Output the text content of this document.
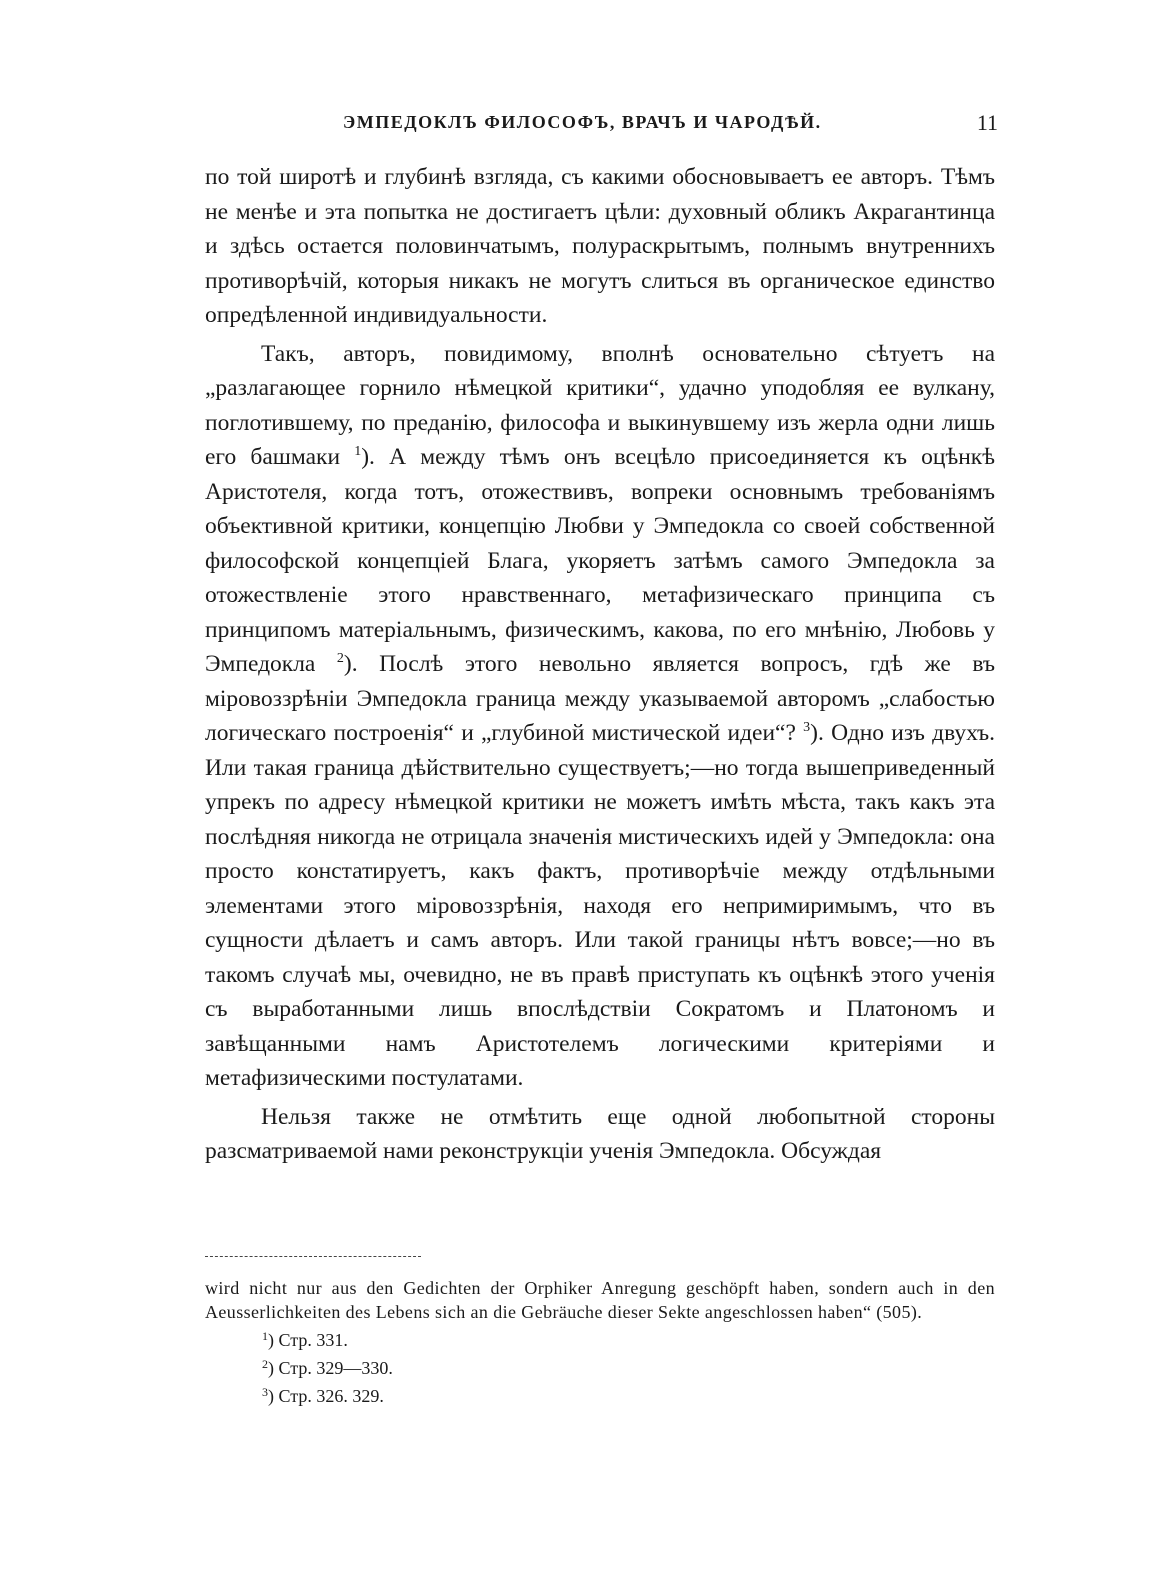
ЭМПЕДОКЛЪ ФИЛОСОФЪ, ВРАЧЪ И ЧАРОДѢЙ.	11

по той широтѣ и глубинѣ взгляда, съ какими обосновываетъ ее авторъ. Тѣмъ не менѣе и эта попытка не достигаетъ цѣли: духовный обликъ Акрагантинца и здѣсь остается половинчатымъ, полураскрытымъ, полнымъ внутреннихъ противорѣчій, которыя никакъ не могутъ слиться въ органическое единство опредѣленной индивидуальности.

Такъ, авторъ, повидимому, вполнѣ основательно сѣтуетъ на „разлагающее горнило нѣмецкой критики“, удачно уподобляя ее вулкану, поглотившему, по преданію, философа и выкинувшему изъ жерла одни лишь его башмаки $^1$). А между тѣмъ онъ всецѣло присоединяется къ оцѣнкѣ Аристотеля, когда тотъ, отожествивъ, вопреки основнымъ требованіямъ объективной критики, концепцію Любви у Эмпедокла со своей собственной философской концепціей Блага, укоряетъ затѣмъ самого Эмпедокла за отожествленіе этого нравственнаго, метафизическаго принципа съ принципомъ матеріальнымъ, физическимъ, какова, по его мнѣнію, Любовь у Эмпедокла $^2$). Послѣ этого невольно является вопросъ, гдѣ же въ міровоззрѣніи Эмпедокла граница между указываемой авторомъ „слабостью логическаго построенія“ и „глубиной мистической идеи“? $^3$). Одно изъ двухъ. Или такая граница дѣйствительно существуетъ;—но тогда вышеприведенный упрекъ по адресу нѣмецкой критики не можетъ имѣть мѣста, такъ какъ эта послѣдняя никогда не отрицала значенія мистическихъ идей у Эмпедокла: она просто констатируетъ, какъ фактъ, противорѣчіе между отдѣльными элементами этого міровоззрѣнія, находя его непримиримымъ, что въ сущности дѣлаетъ и самъ авторъ. Или такой границы нѣтъ вовсе;—но въ такомъ случаѣ мы, очевидно, не въ правѣ приступать къ оцѣнкѣ этого ученія съ выработанными лишь впослѣдствіи Сократомъ и Платономъ и завѣщанными намъ Аристотелемъ логическими критеріями и метафизическими постулатами.

Нельзя также не отмѣтить еще одной любопытной стороны разсматриваемой нами реконструкціи ученія Эмпедокла. Обсуждая

wird nicht nur aus den Gedichten der Orphiker Anregung geschöpft haben, sondern auch in den Aeusserlichkeiten des Lebens sich an die Gebräuche dieser Sekte angeschlossen haben“ (505).

$^1$) Стр. 331.
$^2$) Стр. 329—330.
$^3$) Стр. 326. 329.
